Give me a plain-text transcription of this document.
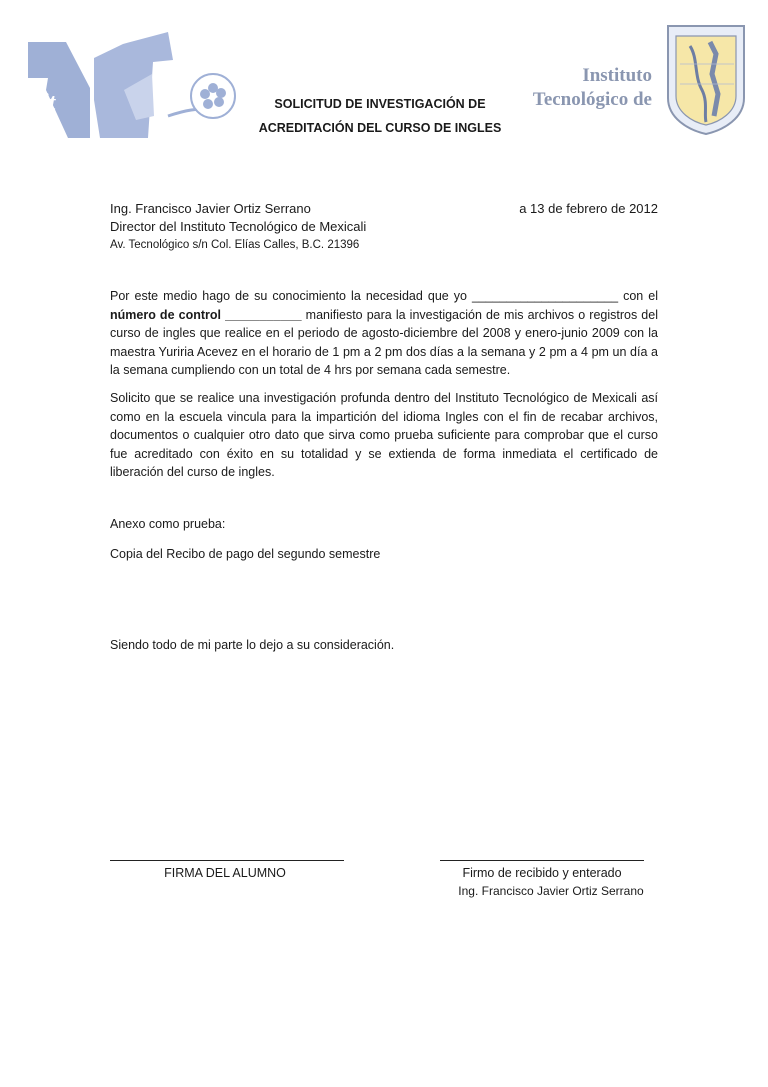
it
Instituto
Tecnológico de
SOLICITUD DE INVESTIGACIÓN DE
ACREDITACIÓN DEL CURSO DE INGLES
Ing. Francisco Javier Ortiz Serrano	a 13 de febrero de 2012
Director del Instituto Tecnológico de Mexicali
Av. Tecnológico s/n Col. Elías Calles, B.C. 21396
Por este medio hago de su conocimiento la necesidad que yo _____________________ con el número de control ___________ manifiesto para la investigación de mis archivos o registros del curso de ingles que realice en el periodo de agosto-diciembre del 2008 y enero-junio 2009 con la maestra Yuriria Acevez en el horario de 1 pm a 2 pm dos días a la semana y 2 pm a 4 pm un día a la semana cumpliendo con un total de 4 hrs por semana cada semestre.
Solicito que se realice una investigación profunda dentro del Instituto Tecnológico de Mexicali así como en la escuela vincula para la impartición del idioma Ingles con el fin de recabar archivos, documentos o cualquier otro dato que sirva como prueba suficiente para comprobar que el curso fue acreditado con éxito en su totalidad y se extienda de forma inmediata el certificado de liberación del curso de ingles.
Anexo como prueba:
Copia del Recibo de pago del segundo semestre
Siendo todo de mi parte lo dejo a su consideración.
FIRMA DEL ALUMNO	Firmo de recibido y enterado
Ing. Francisco Javier Ortiz Serrano
